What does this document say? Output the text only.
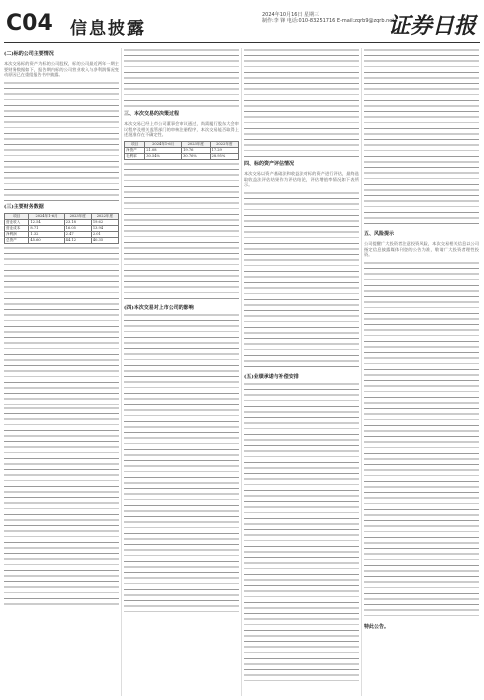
C04 信息披露
2024年10月16日 星期三
制作:李 锋 电话:010-83251716 E-mail:zqrb9@zqrb.net
证券日报
(二)标的公司主要情况

本次交易标的资产为标的公司股权，标的公司最近两年一期主要财务数据如下，报告期内标的公司营业收入与净利润情况变动原因已在重组报告书中披露。

(三)主要财务数据
项目	2024年1-6月	2023年度	2022年度
营业收入	12.54	23.18	19.62
营业成本	8.71	16.05	13.94
净利润	1.32	2.47	2.01
总资产	45.60	44.12	40.35
三、本次交易的决策过程

本次交易已经上市公司董事会审议通过，尚需履行股东大会审议程序及相关监管部门的审核注册程序，本次交易能否取得上述批准存在不确定性。

项目	2024年1-6月	2023年度	2022年度
净资产	21.08	19.76	17.29
毛利率	30.54%	30.76%	28.95%
(四)本次交易对上市公司的影响
四、标的资产评估情况

本次交易以资产基础法和收益法对标的资产进行评估，最终选取收益法评估结果作为评估结论，评估增值率情况如下表所示。

(五)业绩承诺与补偿安排
五、风险提示

公司提醒广大投资者注意投资风险，本次交易相关信息以公司指定信息披露媒体刊登的公告为准，敬请广大投资者理性投资。

特此公告。
